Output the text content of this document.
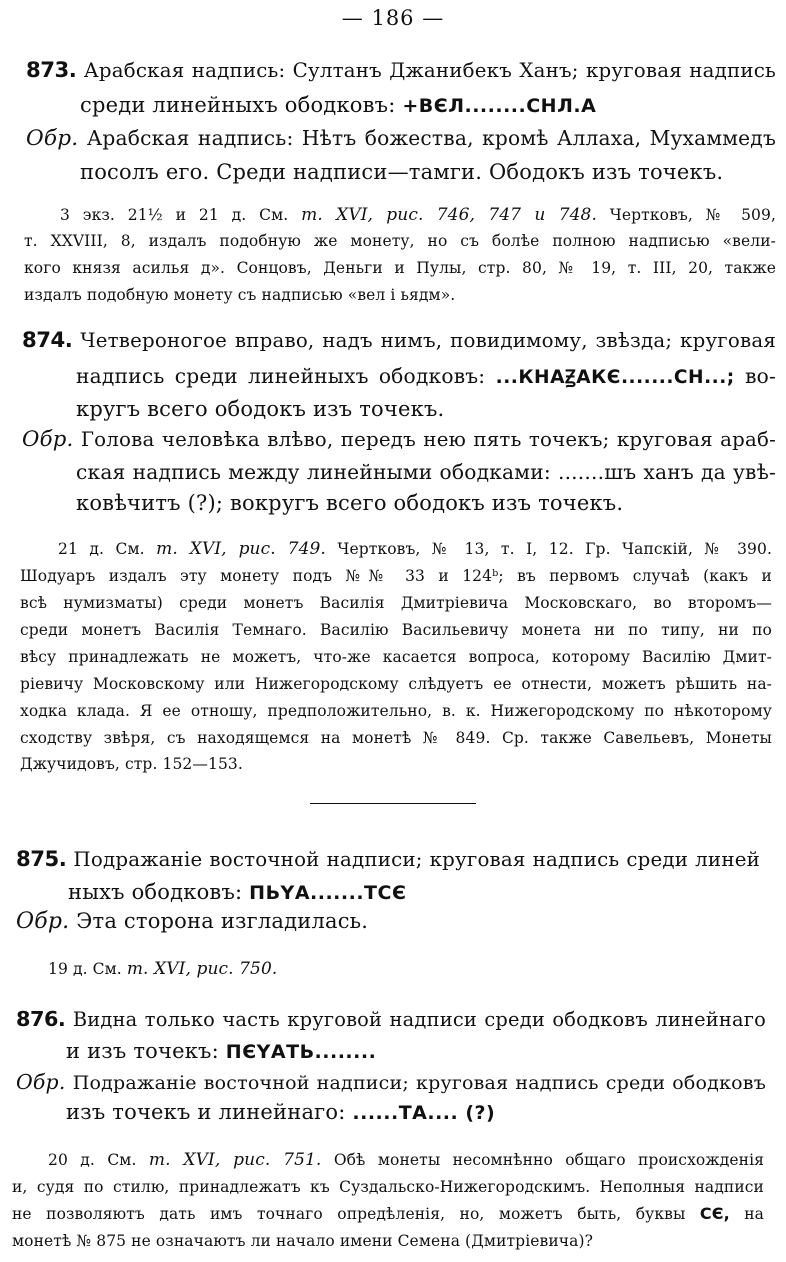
— 186 —
873. Арабская надпись: Султанъ Джанибекъ Ханъ; круговая надпись
среди линейныхъ ободковъ: +ВЄЛ........СНЛ.А
Обр. Арабская надпись: Нѣтъ божества, кромѣ Аллаха, Мухаммедъ
посолъ его. Среди надписи—тамги. Ободокъ изъ точекъ.
3 экз. 21½ и 21 д. См. т. XVI, рис. 746, 747 и 748. Чертковъ, № 509,
т. XXVIII, 8, издалъ подобную же монету, но съ болѣе полною надписью «вели-
кого князя асилья д». Сонцовъ, Деньги и Пулы, стр. 80, № 19, т. III, 20, также
издалъ подобную монету съ надписью «вел і ьядм».
874. Четвероногое вправо, надъ нимъ, повидимому, звѣзда; круговая
надпись среди линейныхъ ободковъ: ...КНАꙂАКЄ.......СН...; во-
кругъ всего ободокъ изъ точекъ.
Обр. Голова человѣка влѣво, передъ нею пять точекъ; круговая араб-
ская надпись между линейными ободками: .......шъ ханъ да увѣ-
ковѣчитъ (?); вокругъ всего ободокъ изъ точекъ.
21 д. См. т. XVI, рис. 749. Чертковъ, № 13, т. I, 12. Гр. Чапскій, № 390.
Шодуаръ издалъ эту монету подъ №№ 33 и 124ᵇ; въ первомъ случаѣ (какъ и
всѣ нумизматы) среди монетъ Василія Дмитріевича Московскаго, во второмъ—
среди монетъ Василія Темнаго. Василію Васильевичу монета ни по типу, ни по
вѣсу принадлежать не можетъ, что-же касается вопроса, которому Василію Дмит-
ріевичу Московскому или Нижегородскому слѣдуетъ ее отнести, можетъ рѣшить на-
ходка клада. Я ее отношу, предположительно, в. к. Нижегородскому по нѣкоторому
сходству звѣря, съ находящемся на монетѣ № 849. Ср. также Савельевъ, Монеты
Джучидовъ, стр. 152—153.
875. Подражаніе восточной надписи; круговая надпись среди линей
ныхъ ободковъ: ПЬYА.......ТСЄ
Обр. Эта сторона изгладилась.
19 д. См. т. XVI, рис. 750.
876. Видна только часть круговой надписи среди ободковъ линейнаго
и изъ точекъ: ПЄYАТЬ........
Обр. Подражаніе восточной надписи; круговая надпись среди ободковъ
изъ точекъ и линейнаго: ......ТА.... (?)
20 д. См. т. XVI, рис. 751. Обѣ монеты несомнѣнно общаго происхожденія
и, судя по стилю, принадлежатъ къ Суздальско-Нижегородскимъ. Неполныя надписи
не позволяютъ дать имъ точнаго опредѣленія, но, можетъ быть, буквы СЄ, на
монетѣ № 875 не означаютъ ли начало имени Семена (Дмитріевича)?
